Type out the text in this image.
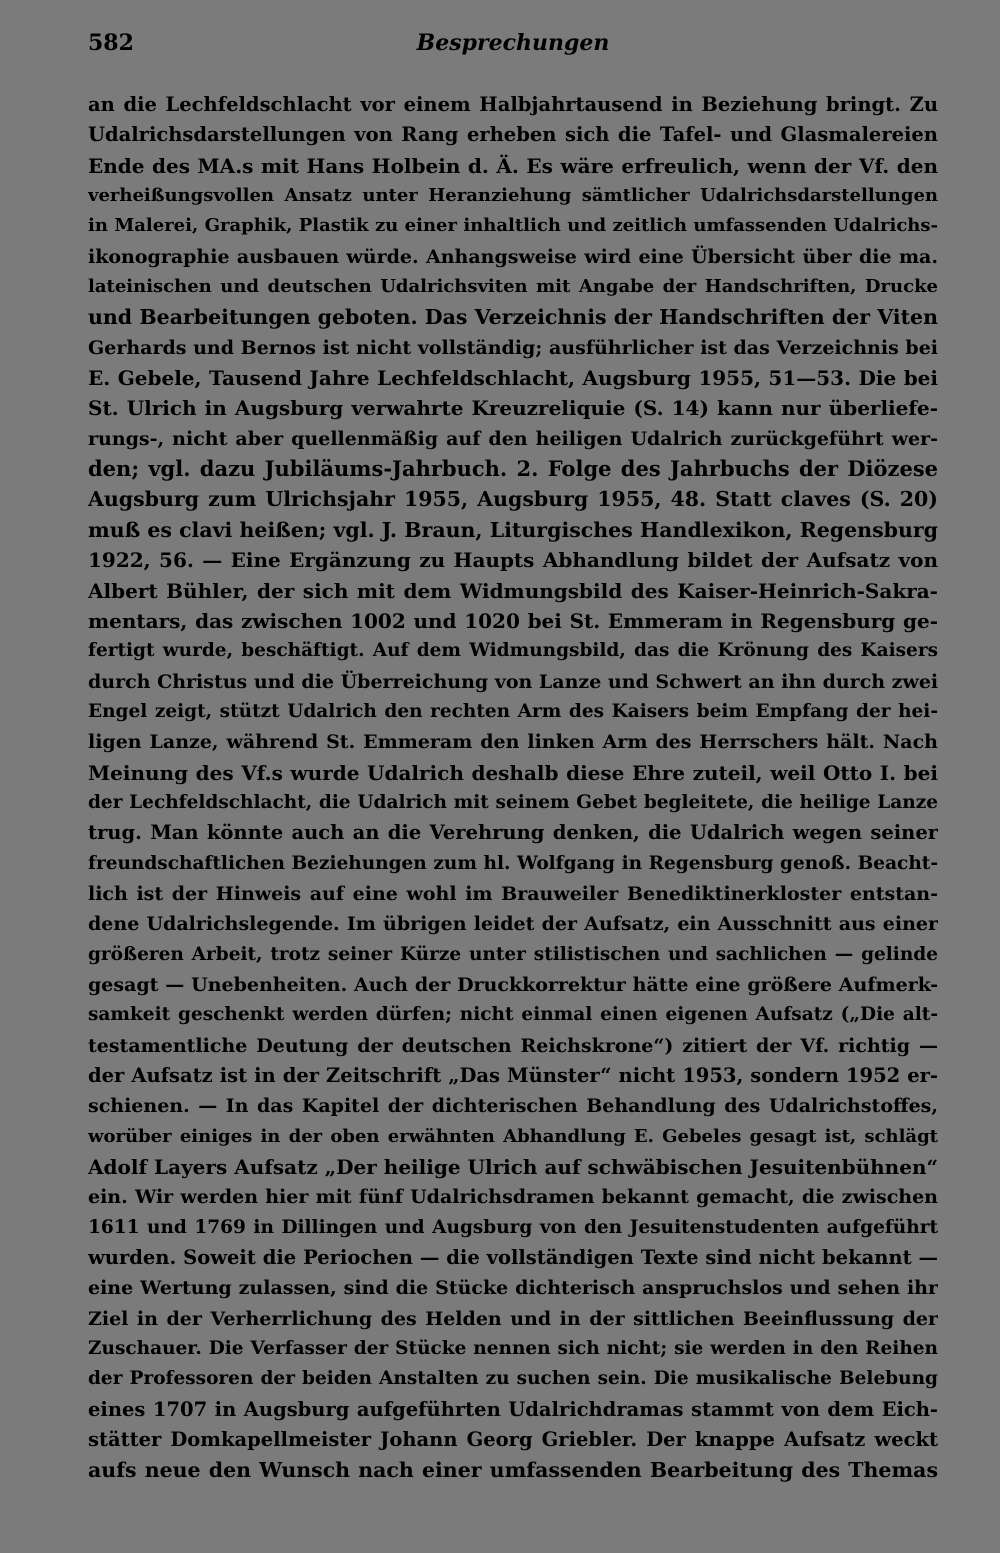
582	Besprechungen
an die Lechfeldschlacht vor einem Halbjahrtausend in Beziehung bringt. Zu
Udalrichsdarstellungen von Rang erheben sich die Tafel- und Glasmalereien
Ende des MA.s mit Hans Holbein d. Ä. Es wäre erfreulich, wenn der Vf. den
verheißungsvollen Ansatz unter Heranziehung sämtlicher Udalrichsdarstellungen
in Malerei, Graphik, Plastik zu einer inhaltlich und zeitlich umfassenden Udalrichs-
ikonographie ausbauen würde. Anhangsweise wird eine Übersicht über die ma.
lateinischen und deutschen Udalrichsviten mit Angabe der Handschriften, Drucke
und Bearbeitungen geboten. Das Verzeichnis der Handschriften der Viten
Gerhards und Bernos ist nicht vollständig; ausführlicher ist das Verzeichnis bei
E. Gebele, Tausend Jahre Lechfeldschlacht, Augsburg 1955, 51—53. Die bei
St. Ulrich in Augsburg verwahrte Kreuzreliquie (S. 14) kann nur überliefe-
rungs-, nicht aber quellenmäßig auf den heiligen Udalrich zurückgeführt wer-
den; vgl. dazu Jubiläums-Jahrbuch. 2. Folge des Jahrbuchs der Diözese
Augsburg zum Ulrichsjahr 1955, Augsburg 1955, 48. Statt claves (S. 20)
muß es clavi heißen; vgl. J. Braun, Liturgisches Handlexikon, Regensburg
1922, 56. — Eine Ergänzung zu Haupts Abhandlung bildet der Aufsatz von
Albert Bühler, der sich mit dem Widmungsbild des Kaiser-Heinrich-Sakra-
mentars, das zwischen 1002 und 1020 bei St. Emmeram in Regensburg ge-
fertigt wurde, beschäftigt. Auf dem Widmungsbild, das die Krönung des Kaisers
durch Christus und die Überreichung von Lanze und Schwert an ihn durch zwei
Engel zeigt, stützt Udalrich den rechten Arm des Kaisers beim Empfang der hei-
ligen Lanze, während St. Emmeram den linken Arm des Herrschers hält. Nach
Meinung des Vf.s wurde Udalrich deshalb diese Ehre zuteil, weil Otto I. bei
der Lechfeldschlacht, die Udalrich mit seinem Gebet begleitete, die heilige Lanze
trug. Man könnte auch an die Verehrung denken, die Udalrich wegen seiner
freundschaftlichen Beziehungen zum hl. Wolfgang in Regensburg genoß. Beacht-
lich ist der Hinweis auf eine wohl im Brauweiler Benediktinerkloster entstan-
dene Udalrichslegende. Im übrigen leidet der Aufsatz, ein Ausschnitt aus einer
größeren Arbeit, trotz seiner Kürze unter stilistischen und sachlichen — gelinde
gesagt — Unebenheiten. Auch der Druckkorrektur hätte eine größere Aufmerk-
samkeit geschenkt werden dürfen; nicht einmal einen eigenen Aufsatz („Die alt-
testamentliche Deutung der deutschen Reichskrone“) zitiert der Vf. richtig —
der Aufsatz ist in der Zeitschrift „Das Münster“ nicht 1953, sondern 1952 er-
schienen. — In das Kapitel der dichterischen Behandlung des Udalrichstoffes,
worüber einiges in der oben erwähnten Abhandlung E. Gebeles gesagt ist, schlägt
Adolf Layers Aufsatz „Der heilige Ulrich auf schwäbischen Jesuitenbühnen“
ein. Wir werden hier mit fünf Udalrichsdramen bekannt gemacht, die zwischen
1611 und 1769 in Dillingen und Augsburg von den Jesuitenstudenten aufgeführt
wurden. Soweit die Periochen — die vollständigen Texte sind nicht bekannt —
eine Wertung zulassen, sind die Stücke dichterisch anspruchslos und sehen ihr
Ziel in der Verherrlichung des Helden und in der sittlichen Beeinflussung der
Zuschauer. Die Verfasser der Stücke nennen sich nicht; sie werden in den Reihen
der Professoren der beiden Anstalten zu suchen sein. Die musikalische Belebung
eines 1707 in Augsburg aufgeführten Udalrichdramas stammt von dem Eich-
stätter Domkapellmeister Johann Georg Griebler. Der knappe Aufsatz weckt
aufs neue den Wunsch nach einer umfassenden Bearbeitung des Themas
